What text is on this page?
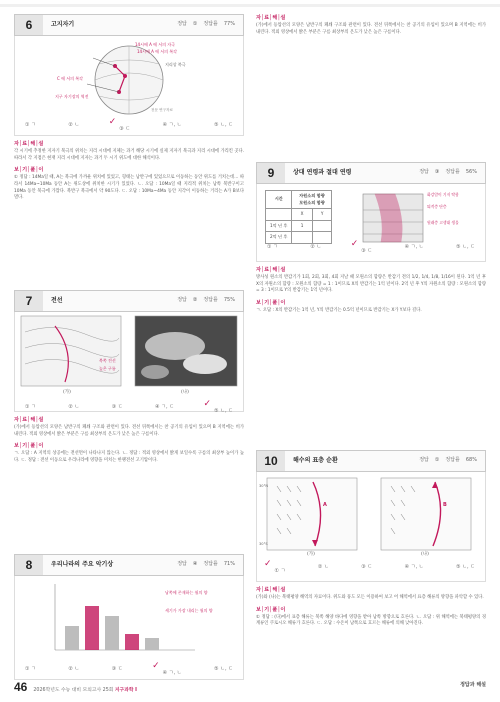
6	고지자기	정답 ① 정답률 77%
14시에 A 에 서의 자극
14시에 A 에 서의 복각
지리상 북극
C 에 서의 복각
지구 자기장의 역전
천문 연구자료
① ㄱ	② ㄴ	✓③ ㄷ
④ ㄱ, ㄴ	⑤ ㄴ, ㄷ
자│료│해│설
각 시기에 추정한 지자기 북극의 위치는 지리 시대에 지체는 과거 해당 시기에 실제 지자기 북극과 지리 시대에 가리킨 곳다. 따라서 각 지점은 현재 지리 시대에 지자는 과거 두 시기 위도에 대한 해석이다.
보│기│풀│이
① 정답 : 14Ma일 때, A는 북극에 가까운 위치에 있었고, 형태는 남반구에 있었으므로 이동하는 동안 위도를 거치는데... 따라서 14Ma~10Ma 동안 A는 위도상에 위치한 시기가 있었다. ㄴ. 오답 : 10Ma일 때 지리적 위치는 남쪽 북반구이고 10Ma 동안 북극에 가깝다. 북반구 북극에서 약 90도다. ㄷ. 오답 : 10Ma~4Ma 동안 지각이 이동하는 거리는 A가 B보다 멀다.
7	전선	정답 ② 정답률 75%
북쪽 전선
높은 구름
(가)	(나)
① ㄱ	② ㄴ	③ ㄷ	④ ㄱ, ㄷ	✓⑤ ㄴ, ㄷ
자│료│해│설
(가)에서 등압선의 모양은 남반구의 폐쇄 구조와 관련이 있다. 전선 뒤쪽에서는 찬 공기의 유입이 있으며 B 지역에는 비가 내린다. 적외 영상에서 밝은 부분은 구름 최상부의 온도가 낮은 높은 구름이다.
보│기│풀│이
ㄱ. 오답 : A 지역의 상공에는 전선면이 나타나지 않는다. ㄴ. 정답 : 적외 영상에서 밝게 보일수록 구름의 최상부 높이가 높다. ㄷ. 정답 : 전선 이동으로 우리나라에 영향을 미치는 한랭전선 고기압이다.
8	우리나라의 주요 악기상	정답 ④ 정답률 71%
남쪽에 존재하는 월의 양
세기가 가장 내리는 월의 양
① ㄱ	② ㄴ	③ ㄷ	✓④ ㄱ, ㄴ
⑤ ㄴ, ㄷ
자│료│해│설
(가)에서 등압선의 모양은 남반구의 폐쇄 구조와 관련이 있다. 전선 뒤쪽에서는 찬 공기의 유입이 있으며 B 지역에는 비가 내린다. 적외 영상에서 밝은 부분은 구름 최상부의 온도가 낮은 높은 구름이다.
9	상대 연령과 절대 연령	정답 ③ 정답률 56%
시간	자원소의 함량 모원소의 함량	
	X	Y
1억 년 후	1	
2억 년 후		
화강암이 기저 탁함
퇴적층 단층
원래층 고생대 생물
① ㄱ	② ㄴ	✓③ ㄷ
④ ㄱ, ㄴ	⑤ ㄴ, ㄷ
자│료│해│설
방사성 원소의 반감기가 1회, 2회, 3회, 4회 지날 때 모원소의 함량은 반감기 전의 1/2, 1/4, 1/8, 1/16이 된다. 1억 년 후 X의 자원소의 함량 : 모원소의 함량 = 1 : 1이므로 X의 반감기는 1억 년이다. 2억 년 후 Y의 자원소의 함량 : 모원소의 함량 = 3 : 1이므로 Y의 반감기는 1억 년이다.
보│기│풀│이
ㄱ. 오답 : X의 반감기는 1억 년, Y의 반감기는 0.5억 년이므로 반감기는 X가 Y보다 길다.
10	해수의 표층 순환	정답 ① 정답률 68%
A	B
30°N
30°S
(가)	(나)
✓① ㄱ
② ㄴ	③ ㄷ	④ ㄱ, ㄴ	⑤ ㄴ, ㄷ
자│료│해│설
(가)와 (나)는 북태평양 해역의 자료이다. 위도와 풍도 모든 이용하여 보고 어 해역에서 표층 해류의 방향을 파악할 수 있다.
보│기│풀│이
① 정답 : (다)에서 표층 해류는 북쪽 해양 바다에 영향을 받아 남쪽 방향으로 흐른다. ㄴ. 오답 : 위 해역에는 북태평양의 경계류인 쿠로시오 해류가 흐른다. ㄷ. 오답 : 수온이 남쪽으로 흐르는 해류에 의해 낮아진다.
46 2026학년도 수능 대비 모의고사 25회 지구과학 I
정답과 해설
